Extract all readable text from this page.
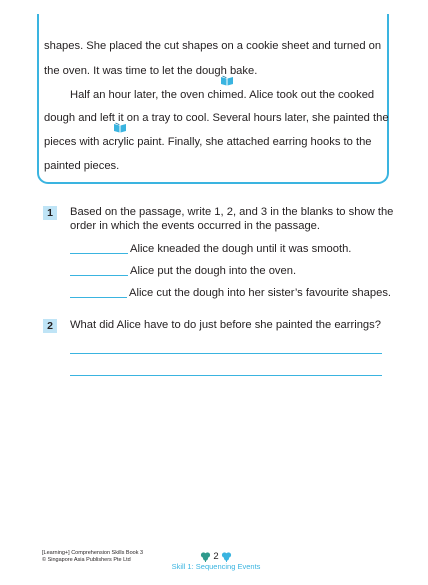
shapes. She placed the cut shapes on a cookie sheet and turned on
the oven. It was time to let the dough bake.
Half an hour later, the oven
chimed. Alice took out the cooked
dough and left it on a tray to cool. Several hours later, she painted the
pieces with
acrylic paint. Finally, she attached earring hooks to the
painted pieces.
1	Based on the passage, write 1, 2, and 3 in the blanks to show the
order in which the events occurred in the passage.
Alice kneaded the dough until it was smooth.
Alice put the dough into the oven.
Alice cut the dough into her sister’s favourite shapes.
2	What did Alice have to do just before she painted the earrings?
[Learning+] Comprehension Skills Book 3
© Singapore Asia Publishers Pte Ltd	2
Skill 1: Sequencing Events
